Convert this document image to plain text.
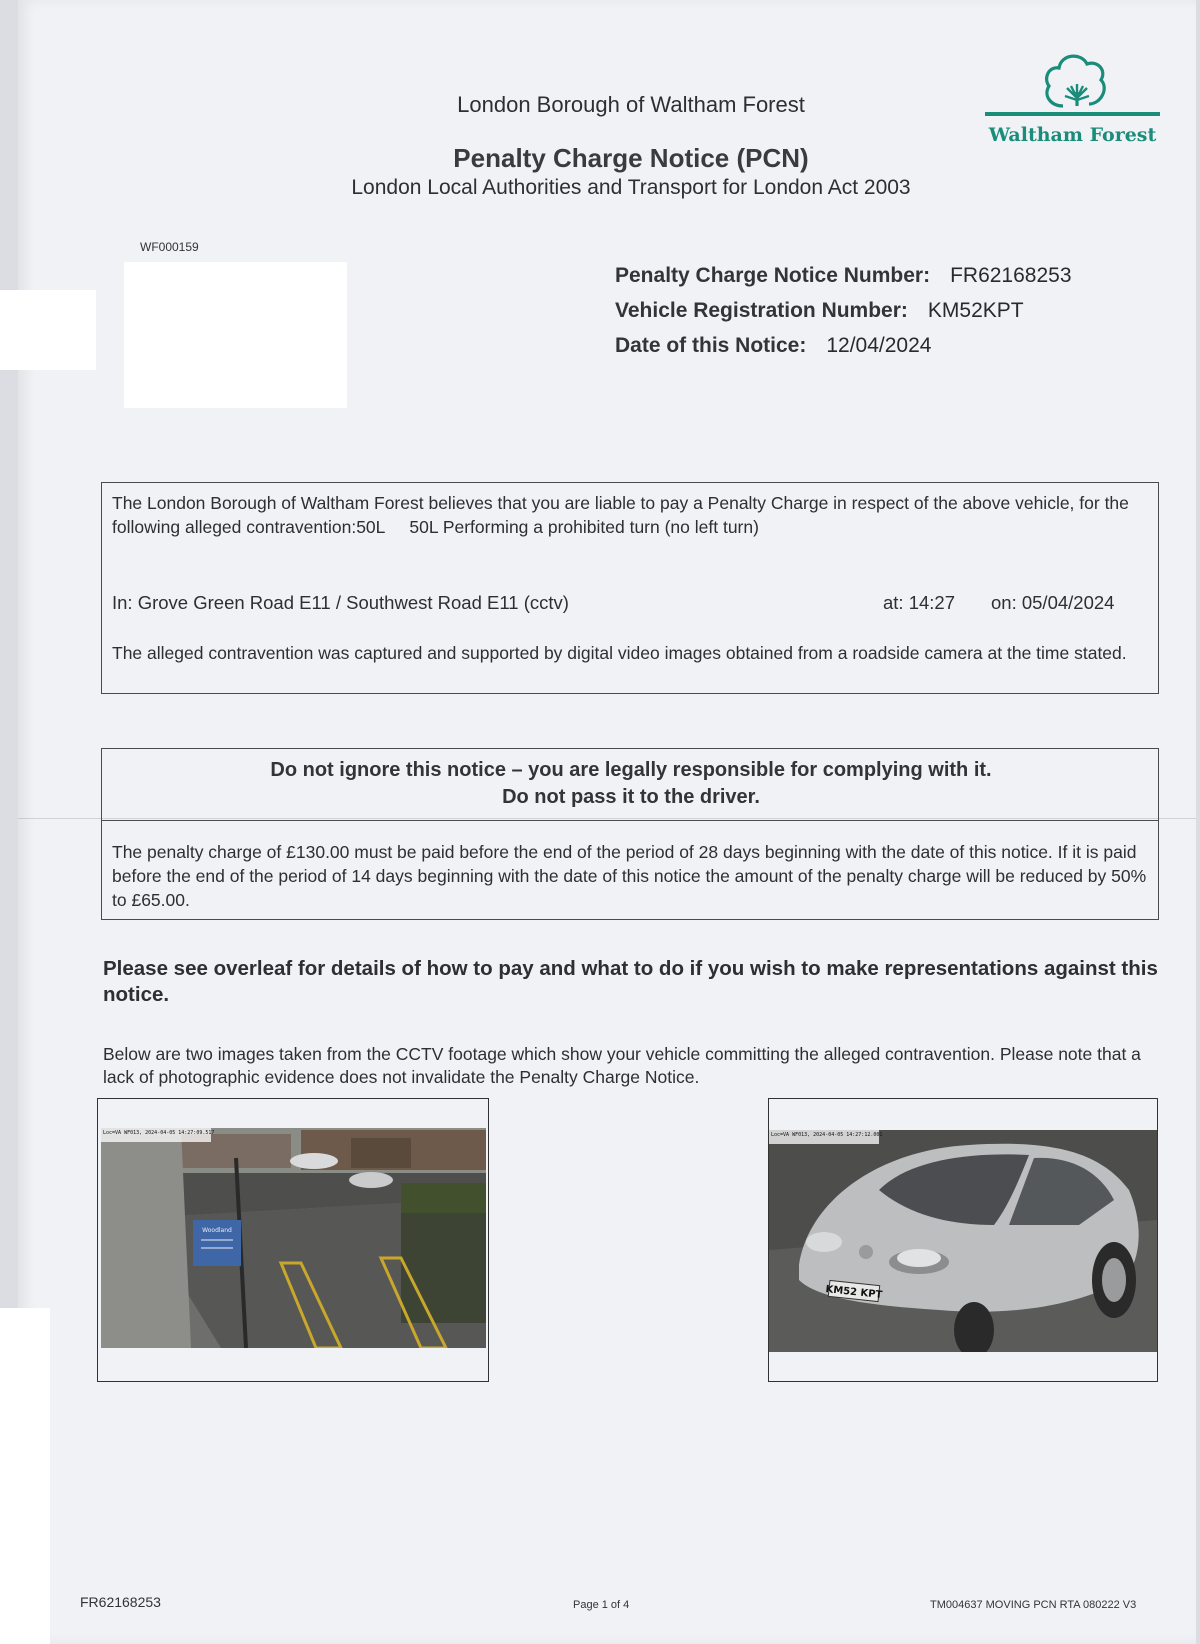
London Borough of Waltham Forest
Penalty Charge Notice (PCN)
London Local Authorities and Transport for London Act 2003
Waltham Forest
WF000159
Penalty Charge Notice Number: FR62168253
Vehicle Registration Number: KM52KPT
Date of this Notice: 12/04/2024
The London Borough of Waltham Forest believes that you are liable to pay a Penalty Charge in respect of the above vehicle, for the following alleged contravention:50L 50L Performing a prohibited turn (no left turn)
In: Grove Green Road E11 / Southwest Road E11 (cctv)	at: 14:27 on: 05/04/2024
The alleged contravention was captured and supported by digital video images obtained from a roadside camera at the time stated.
Do not ignore this notice – you are legally responsible for complying with it.
Do not pass it to the driver.
The penalty charge of £130.00 must be paid before the end of the period of 28 days beginning with the date of this notice. If it is paid before the end of the period of 14 days beginning with the date of this notice the amount of the penalty charge will be reduced by 50% to £65.00.
Please see overleaf for details of how to pay and what to do if you wish to make representations against this notice.
Below are two images taken from the CCTV footage which show your vehicle committing the alleged contravention. Please note that a lack of photographic evidence does not invalidate the Penalty Charge Notice.
Woodland
Loc=VA WF013, 2024-04-05 14:27:09.517
KM52 KPT
Loc=VA WF013, 2024-04-05 14:27:12.001
FR62168253	Page 1 of 4	TM004637 MOVING PCN RTA 080222 V3
